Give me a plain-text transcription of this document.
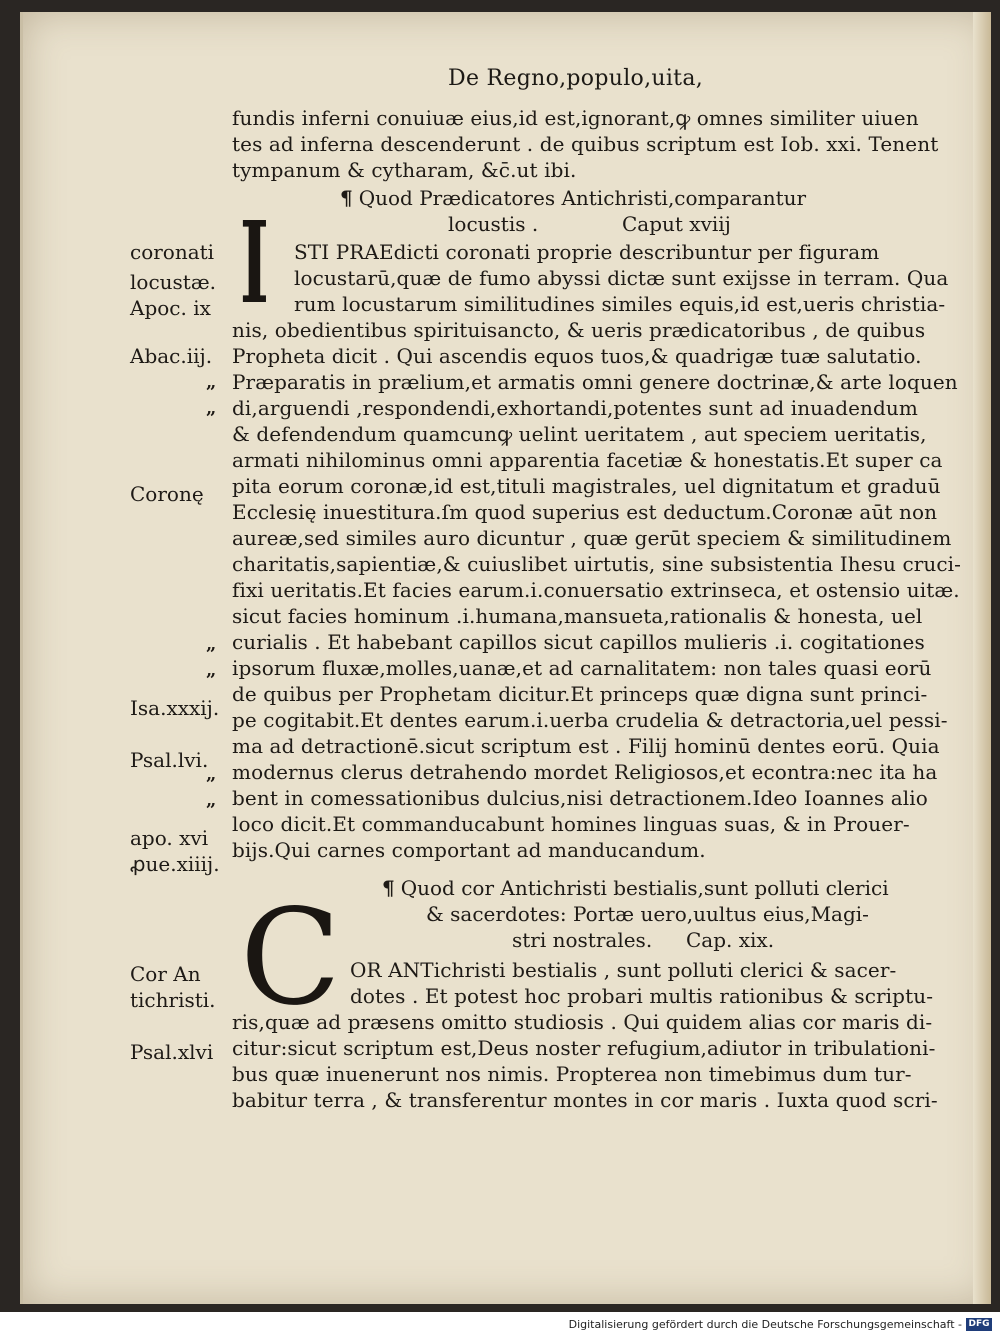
De Regno,populo,uita,
fundis inferni conuiuæ eius,id est,ignorant,ꝙ omnes similiter uiuen
tes ad inferna descenderunt . de quibus scriptum est Iob. xxi. Tenent
tympanum & cytharam, &c̄.ut ibi.
¶ Quod Prædicatores Antichristi,comparantur
locustis .	Caput xviij
I STI PRAEdicti coronati proprie describuntur per figuram
locustarū,quæ de fumo abyssi dictæ sunt exijsse in terram. Qua
rum locustarum similitudines similes equis,id est,ueris christia-
nis, obedientibus spirituisancto, & ueris prædicatoribus , de quibus
Propheta dicit . Qui ascendis equos tuos,& quadrigæ tuæ salutatio.
Præparatis in prælium,et armatis omni genere doctrinæ,& arte loquen
di,arguendi ,respondendi,exhortandi,potentes sunt ad inuadendum
& defendendum quamcunꝙ uelint ueritatem , aut speciem ueritatis,
armati nihilominus omni apparentia facetiæ & honestatis.Et super ca
pita eorum coronæ,id est,tituli magistrales, uel dignitatum et graduū
Ecclesię inuestitura.ſm quod superius est deductum.Coronæ aūt non
aureæ,sed similes auro dicuntur , quæ gerūt speciem & similitudinem
charitatis,sapientiæ,& cuiuslibet uirtutis, sine subsistentia Ihesu cruci-
fixi ueritatis.Et facies earum.i.conuersatio extrinseca, et ostensio uitæ.
sicut facies hominum .i.humana,mansueta,rationalis & honesta, uel
curialis . Et habebant capillos sicut capillos mulieris .i. cogitationes
ipsorum fluxæ,molles,uanæ,et ad carnalitatem: non tales quasi eorū
de quibus per Prophetam dicitur.Et princeps quæ digna sunt princi-
pe cogitabit.Et dentes earum.i.uerba crudelia & detractoria,uel pessi-
ma ad detractionē.sicut scriptum est . Filij hominū dentes eorū. Quia
modernus clerus detrahendo mordet Religiosos,et econtra:nec ita ha
bent in comessationibus dulcius,nisi detractionem.Ideo Ioannes alio
loco dicit.Et commanducabunt homines linguas suas, & in Prouer-
bijs.Qui carnes comportant ad manducandum.
¶ Quod cor Antichristi bestialis,sunt polluti clerici
& sacerdotes: Portæ uero,uultus eius,Magi-
stri nostrales. Cap. xix.
C OR ANTichristi bestialis , sunt polluti clerici & sacer-
dotes . Et potest hoc probari multis rationibus & scriptu-
ris,quæ ad præsens omitto studiosis . Qui quidem alias cor maris di-
citur:sicut scriptum est,Deus noster refugium,adiutor in tribulationi-
bus quæ inuenerunt nos nimis. Propterea non timebimus dum tur-
babitur terra , & transferentur montes in cor maris . Iuxta quod scri-
coronati
locustæ.
Apoc. ix
Abac.iij.
Coronę
Isa.xxxij.
Psal.lvi.
apo. xvi
ꝓue.xiiij.
Cor An
tichristi.
Psal.xlvi
„
„
„
„
„
„
Digitalisierung gefördert durch die Deutsche Forschungsgemeinschaft - DFG
